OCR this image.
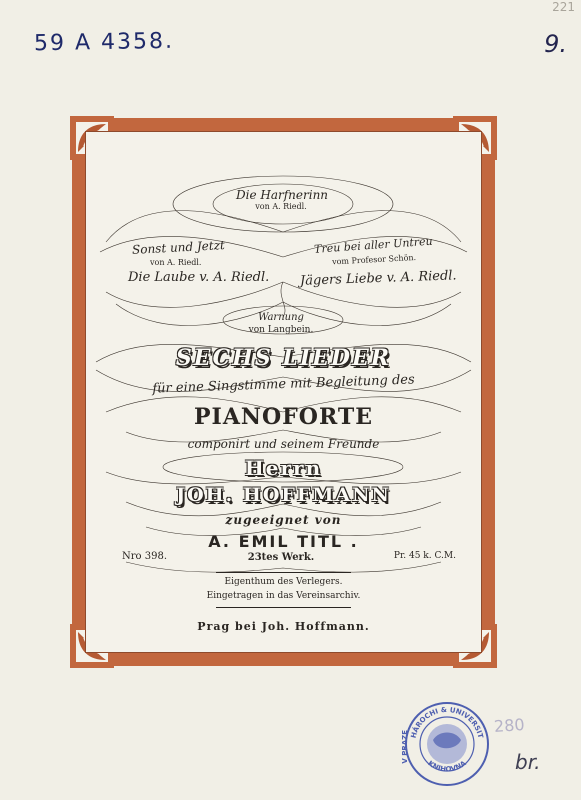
59 A 4358.
221
9.
280
br.
Die Harfnerinn
von A. Riedl.
Sonst und Jetzt
von A. Riedl.
Treu bei aller Untreu
vom Profesor Schön.
Die Laube v. A. Riedl.	Jägers Liebe v. A. Riedl.
Warnung
von Langbein.
SECHS LIEDER
für eine Singstimme mit Begleitung des
PIANOFORTE
componirt und seinem Freunde
Herrn
JOH. HOFFMANN
zugeeignet von
A. EMIL TITL .
Nro 398.	23tes Werk.	Pr. 45 k. C.M.
Eigenthum des Verlegers.
Eingetragen in das Vereinsarchiv.
Prag bei Joh. Hoffmann.
HÁROCHI & UNIVERSIT
KNIHOVNA
V PRAZE
